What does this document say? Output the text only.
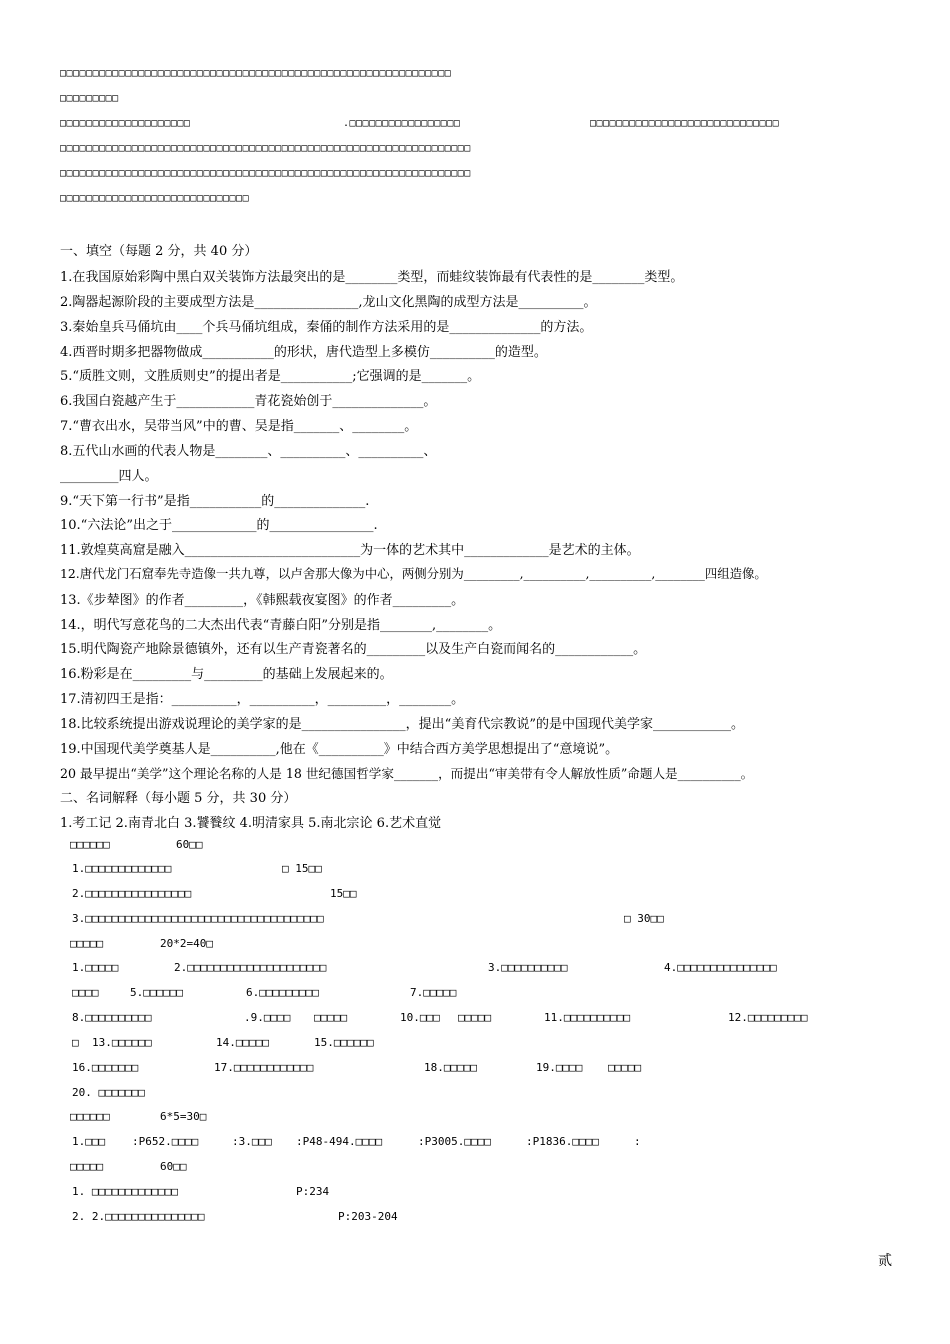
□□□□□□□□□□□□□□□□□□□□□□□□□□□□□□□□□□□□□□□□□□□□□□□□□□□□□□□□□□□□
□□□□□□□□□
□□□□□□□□□□□□□□□□□□□□	.□□□□□□□□□□□□□□□□□	□□□□□□□□□□□□□□□□□□□□□□□□□□□□□
□□□□□□□□□□□□□□□□□□□□□□□□□□□□□□□□□□□□□□□□□□□□□□□□□□□□□□□□□□□□□□□
□□□□□□□□□□□□□□□□□□□□□□□□□□□□□□□□□□□□□□□□□□□□□□□□□□□□□□□□□□□□□□□
□□□□□□□□□□□□□□□□□□□□□□□□□□□□□
一、填空（每题 2 分，共 40 分）
1.在我国原始彩陶中黑白双关装饰方法最突出的是________类型，而蛙纹装饰最有代表性的是________类型。
2.陶器起源阶段的主要成型方法是________________,龙山文化黑陶的成型方法是__________。
3.秦始皇兵马俑坑由____个兵马俑坑组成，秦俑的制作方法采用的是______________的方法。
4.西晋时期多把器物做成___________的形状，唐代造型上多模仿__________的造型。
5.“质胜文则，文胜质则史”的提出者是___________;它强调的是_______。
6.我国白瓷越产生于____________青花瓷始创于______________。
7.“曹衣出水，吴带当风”中的曹、吴是指_______、________。
8.五代山水画的代表人物是________、__________、__________、
_________四人。
9.“天下第一行书”是指___________的______________.
10.“六法论”出之于_____________的________________.
11.敦煌莫高窟是融入___________________________为一体的艺术其中_____________是艺术的主体。
12.唐代龙门石窟奉先寺造像一共九尊，以卢舍那大像为中心，两侧分别为_________,__________,__________,________四组造像。
13.《步辇图》的作者_________，《韩熙载夜宴图》的作者_________。
14.，明代写意花鸟的二大杰出代表“青藤白阳”分别是指________,________。
15.明代陶瓷产地除景德镇外，还有以生产青瓷著名的_________以及生产白瓷而闻名的____________。
16.粉彩是在_________与_________的基础上发展起来的。
17.清初四王是指：__________，__________，_________，________。
18.比较系统提出游戏说理论的美学家的是________________，提出“美育代宗教说”的是中国现代美学家____________。
19.中国现代美学奠基人是__________,他在《__________》中结合西方美学思想提出了“意境说”。
20 最早提出“美学”这个理论名称的人是 18 世纪德国哲学家_______，而提出“审美带有令人解放性质”命题人是__________。
二、名词解释（每小题 5 分，共 30 分）
1.考工记 2.南青北白 3.饕餮纹 4.明清家具 5.南北宗论 6.艺术直觉
□□□□□□	60□□
1.□□□□□□□□□□□□□	□ 15□□
2.□□□□□□□□□□□□□□□□	15□□
3.□□□□□□□□□□□□□□□□□□□□□□□□□□□□□□□□□□□□	□ 30□□
□□□□□	20*2=40□
1.□□□□□	2.□□□□□□□□□□□□□□□□□□□□□	3.□□□□□□□□□□	4.□□□□□□□□□□□□□□□
□□□□	5.□□□□□□	6.□□□□□□□□□	7.□□□□□
8.□□□□□□□□□□	.9.□□□□ □□□□□	10.□□□ □□□□□	11.□□□□□□□□□□	12.□□□□□□□□□
□ 13.□□□□□□	14.□□□□□	15.□□□□□□
16.□□□□□□□	17.□□□□□□□□□□□□	18.□□□□□	19.□□□□ □□□□□
20. □□□□□□□
□□□□□□	6*5=30□
1.□□□ :P652.□□□□	:3.□□□ :P48-494.□□□□	:P3005.□□□□	:P1836.□□□□	:
□□□□□	60□□
1. □□□□□□□□□□□□□	P:234
2. 2.□□□□□□□□□□□□□□□	P:203-204
贰
